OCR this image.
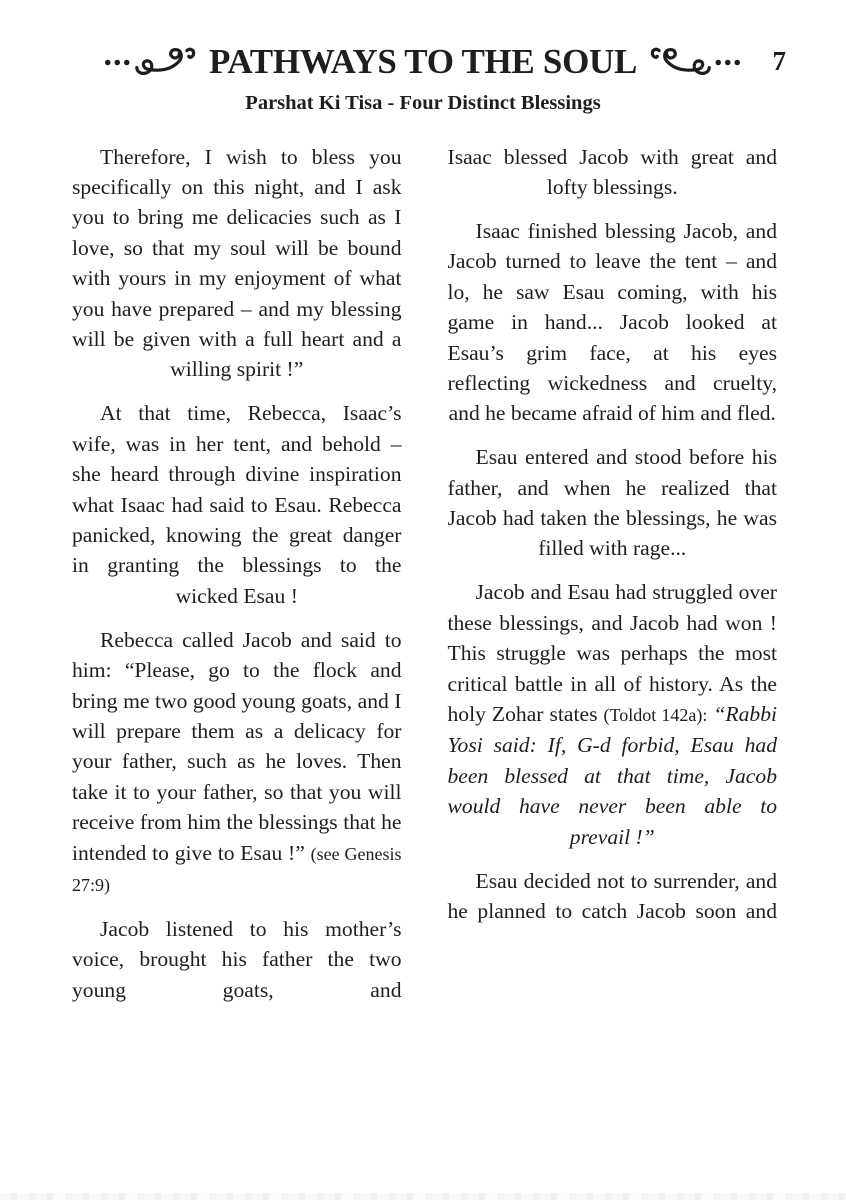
... PATHWAYS TO THE SOUL ... 7
Parshat Ki Tisa - Four Distinct Blessings

Therefore, I wish to bless you specifically on this night, and I ask you to bring me delicacies such as I love, so that my soul will be bound with yours in my enjoyment of what you have prepared – and my blessing will be given with a full heart and a willing spirit !”

At that time, Rebecca, Isaac’s wife, was in her tent, and behold – she heard through divine inspiration what Isaac had said to Esau. Rebecca panicked, knowing the great danger in granting the blessings to the wicked Esau !

Rebecca called Jacob and said to him: “Please, go to the flock and bring me two good young goats, and I will prepare them as a delicacy for your father, such as he loves. Then take it to your father, so that you will receive from him the blessings that he intended to give to Esau !” (see Genesis 27:9)

Jacob listened to his mother’s voice, brought his father the two young goats, and

Isaac blessed Jacob with great and lofty blessings.

Isaac finished blessing Jacob, and Jacob turned to leave the tent – and lo, he saw Esau coming, with his game in hand... Jacob looked at Esau’s grim face, at his eyes reflecting wickedness and cruelty, and he became afraid of him and fled.

Esau entered and stood before his father, and when he realized that Jacob had taken the blessings, he was filled with rage...

Jacob and Esau had struggled over these blessings, and Jacob had won ! This struggle was perhaps the most critical battle in all of history. As the holy Zohar states (Toldot 142a): “Rabbi Yosi said: If, G-d forbid, Esau had been blessed at that time, Jacob would have never been able to prevail !”

Esau decided not to surrender, and he planned to catch Jacob soon and
